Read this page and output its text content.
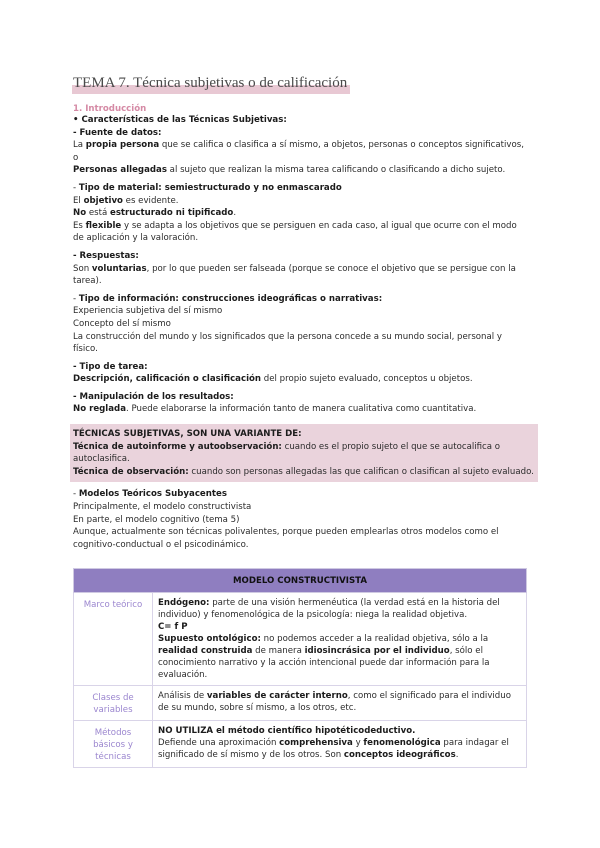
TEMA 7. Técnica subjetivas o de calificación
1. Introducción

• Características de las Técnicas Subjetivas:

- Fuente de datos:

La propia persona que se califica o clasifica a sí mismo, a objetos, personas o conceptos significativos, o

Personas allegadas al sujeto que realizan la misma tarea calificando o clasificando a dicho sujeto.

- Tipo de material: semiestructurado y no enmascarado

El objetivo es evidente.

No está estructurado ni tipificado.

Es flexible y se adapta a los objetivos que se persiguen en cada caso, al igual que ocurre con el modo de aplicación y la valoración.

- Respuestas:

Son voluntarias, por lo que pueden ser falseada (porque se conoce el objetivo que se persigue con la tarea).

- Tipo de información: construcciones ideográficas o narrativas:

Experiencia subjetiva del sí mismo

Concepto del sí mismo

La construcción del mundo y los significados que la persona concede a su mundo social, personal y físico.

- Tipo de tarea:

Descripción, calificación o clasificación del propio sujeto evaluado, conceptos u objetos.

- Manipulación de los resultados:

No reglada. Puede elaborarse la información tanto de manera cualitativa como cuantitativa.

TÉCNICAS SUBJETIVAS, SON UNA VARIANTE DE:

Técnica de autoinforme y autoobservación: cuando es el propio sujeto el que se autocalifica o autoclasifica.

Técnica de observación: cuando son personas allegadas las que califican o clasifican al sujeto evaluado.

- Modelos Teóricos Subyacentes

Principalmente, el modelo constructivista

En parte, el modelo cognitivo (tema 5)

Aunque, actualmente son técnicas polivalentes, porque pueden emplearlas otros modelos como el cognitivo-conductual o el psicodinámico.

MODELO CONSTRUCTIVISTA	
Marco teórico	Endógeno: parte de una visión hermenéutica (la verdad está en la historia del individuo) y fenomenológica de la psicología: niega la realidad objetiva.
C= f P
Supuesto ontológico: no podemos acceder a la realidad objetiva, sólo a la realidad construida de manera idiosincrásica por el individuo, sólo el conocimiento narrativo y la acción intencional puede dar información para la evaluación.
Clases de variables	Análisis de variables de carácter interno, como el significado para el individuo de su mundo, sobre sí mismo, a los otros, etc.
Métodos básicos y técnicas	NO UTILIZA el método científico hipotéticodeductivo.
Defiende una aproximación comprehensiva y fenomenológica para indagar el significado de sí mismo y de los otros. Son conceptos ideográficos.
